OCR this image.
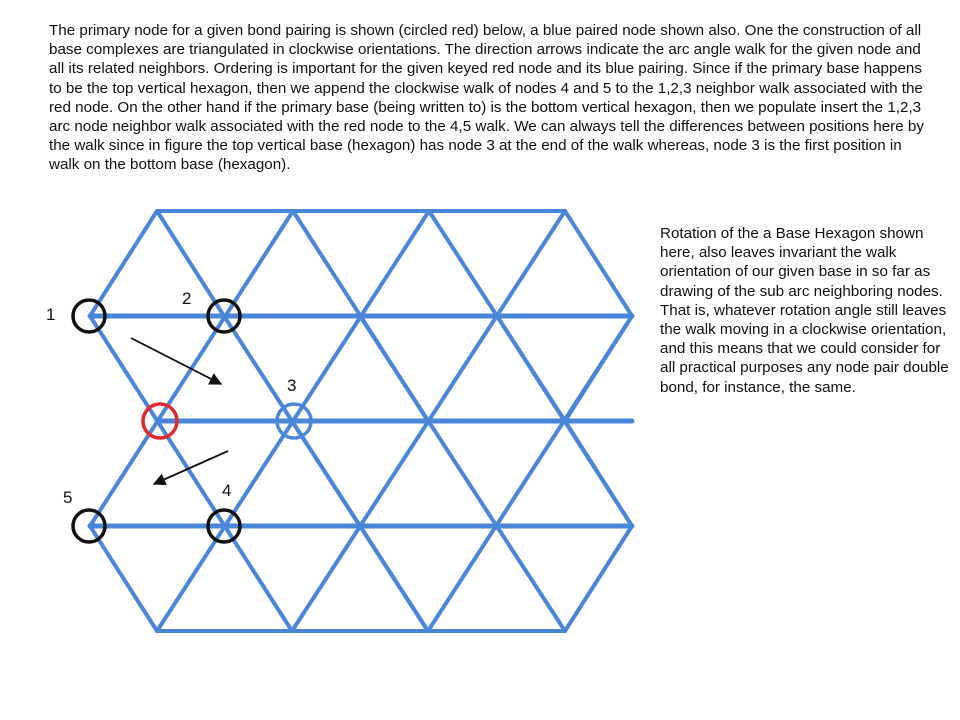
The primary node for a given bond pairing is shown (circled red) below, a blue paired node shown also. One the construction of all base complexes are triangulated in clockwise orientations. The direction arrows indicate the arc angle walk for the given node and all its related neighbors. Ordering is important for the given keyed red node and its blue pairing. Since if the primary base happens to be the top vertical hexagon, then we append the clockwise walk of nodes 4 and 5 to the 1,2,3 neighbor walk associated with the red node. On the other hand if the primary base (being written to) is the bottom vertical hexagon, then we populate insert the 1,2,3 arc node neighbor walk associated with the red node to the 4,5 walk. We can always tell the differences between positions here by the walk since in figure the top vertical base (hexagon) has node 3 at the end of the walk whereas, node 3 is the first position in walk on the bottom base (hexagon).

1
2
3
5	4

Rotation of the a Base Hexagon shown here, also leaves invariant the walk orientation of our given base in so far as drawing of the sub arc neighboring nodes. That is, whatever rotation angle still leaves the walk moving in a clockwise orientation, and this means that we could consider for all practical purposes any node pair double bond, for instance, the same.
